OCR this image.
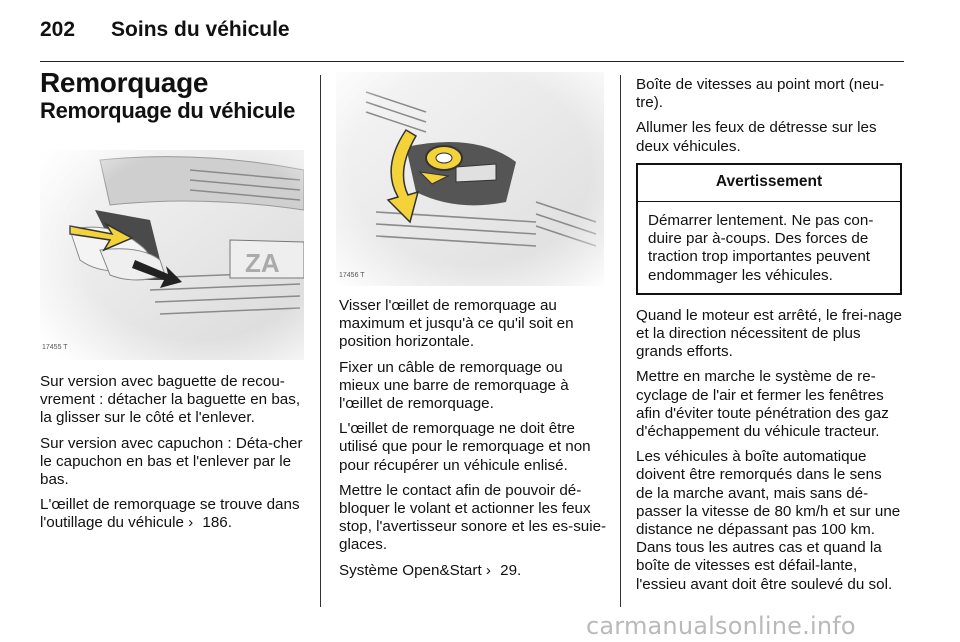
202 Soins du véhicule
Remorquage
Remorquage du véhicule
17455 T

Sur version avec baguette de recou-vrement : détacher la baguette en bas, la glisser sur le côté et l'enlever.

Sur version avec capuchon : Déta-cher le capuchon en bas et l'enlever par le bas.

L'œillet de remorquage se trouve dans l'outillage du véhicule › 186.

17456 T

Visser l'œillet de remorquage au maximum et jusqu'à ce qu'il soit en position horizontale.

Fixer un câble de remorquage ou mieux une barre de remorquage à l'œillet de remorquage.

L'œillet de remorquage ne doit être utilisé que pour le remorquage et non pour récupérer un véhicule enlisé.

Mettre le contact afin de pouvoir dé-bloquer le volant et actionner les feux stop, l'avertisseur sonore et les es-suie-glaces.

Système Open&Start › 29.

Boîte de vitesses au point mort (neu-tre).

Allumer les feux de détresse sur les deux véhicules.

Avertissement
Démarrer lentement. Ne pas con-duire par à-coups. Des forces de traction trop importantes peuvent endommager les véhicules.

Quand le moteur est arrêté, le frei-nage et la direction nécessitent de plus grands efforts.

Mettre en marche le système de re-cyclage de l'air et fermer les fenêtres afin d'éviter toute pénétration des gaz d'échappement du véhicule tracteur.

Les véhicules à boîte automatique doivent être remorqués dans le sens de la marche avant, mais sans dé-passer la vitesse de 80 km/h et sur une distance ne dépassant pas 100 km. Dans tous les autres cas et quand la boîte de vitesses est défail-lante, l'essieu avant doit être soulevé du sol.

carmanualsonline.info
